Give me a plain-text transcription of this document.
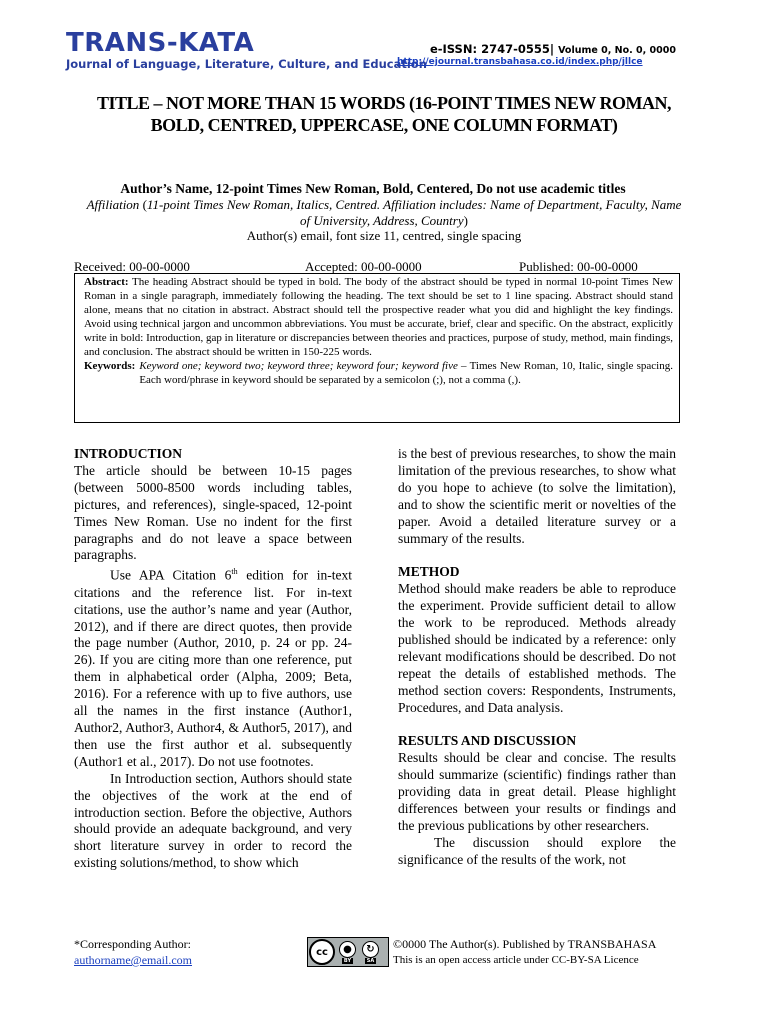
TRANS-KATA
Journal of Language, Literature, Culture, and Education
e-ISSN: 2747-0555| Volume 0, No. 0, 0000
http://ejournal.transbahasa.co.id/index.php/jllce
TITLE – NOT MORE THAN 15 WORDS (16-POINT TIMES NEW ROMAN, BOLD, CENTRED, UPPERCASE, ONE COLUMN FORMAT)
Author’s Name, 12-point Times New Roman, Bold, Centered, Do not use academic titles
Affiliation (11-point Times New Roman, Italics, Centred. Affiliation includes: Name of Department, Faculty, Name of University, Address, Country)
Author(s) email, font size 11, centred, single spacing
Received: 00-00-0000	Accepted: 00-00-0000	Published: 00-00-0000
Abstract: The heading Abstract should be typed in bold. The body of the abstract should be typed in normal 10-point Times New Roman in a single paragraph, immediately following the heading. The text should be set to 1 line spacing. Abstract should stand alone, means that no citation in abstract. Abstract should tell the prospective reader what you did and highlight the key findings. Avoid using technical jargon and uncommon abbreviations. You must be accurate, brief, clear and specific. On the abstract, explicitly write in bold: Introduction, gap in literature or discrepancies between theories and practices, purpose of study, method, main findings, and conclusion. The abstract should be written in 150-225 words.
Keywords: Keyword one; keyword two; keyword three; keyword four; keyword five – Times New Roman, 10, Italic, single spacing. Each word/phrase in keyword should be separated by a semicolon (;), not a comma (,).
INTRODUCTION

The article should be between 10-15 pages (between 5000-8500 words including tables, pictures, and references), single-spaced, 12-point Times New Roman. Use no indent for the first paragraphs and do not leave a space between paragraphs.

Use APA Citation 6th edition for in-text citations and the reference list. For in-text citations, use the author’s name and year (Author, 2012), and if there are direct quotes, then provide the page number (Author, 2010, p. 24 or pp. 24-26). If you are citing more than one reference, put them in alphabetical order (Alpha, 2009; Beta, 2016). For a reference with up to five authors, use all the names in the first instance (Author1, Author2, Author3, Author4, & Author5, 2017), and then use the first author et al. subsequently (Author1 et al., 2017). Do not use footnotes.

In Introduction section, Authors should state the objectives of the work at the end of introduction section. Before the objective, Authors should provide an adequate background, and very short literature survey in order to record the existing solutions/method, to show which

is the best of previous researches, to show the main limitation of the previous researches, to show what do you hope to achieve (to solve the limitation), and to show the scientific merit or novelties of the paper. Avoid a detailed literature survey or a summary of the results.

METHOD

Method should make readers be able to reproduce the experiment. Provide sufficient detail to allow the work to be reproduced. Methods already published should be indicated by a reference: only relevant modifications should be described. Do not repeat the details of established methods. The method section covers: Respondents, Instruments, Procedures, and Data analysis.

RESULTS AND DISCUSSION

Results should be clear and concise. The results should summarize (scientific) findings rather than providing data in great detail. Please highlight differences between your results or findings and the previous publications by other researchers.

The discussion should explore the significance of the results of the work, not

*Corresponding Author:
authorname@email.com
cc	●
BY
↻
SA
©0000 The Author(s). Published by TRANSBAHASA
This is an open access article under CC-BY-SA Licence
